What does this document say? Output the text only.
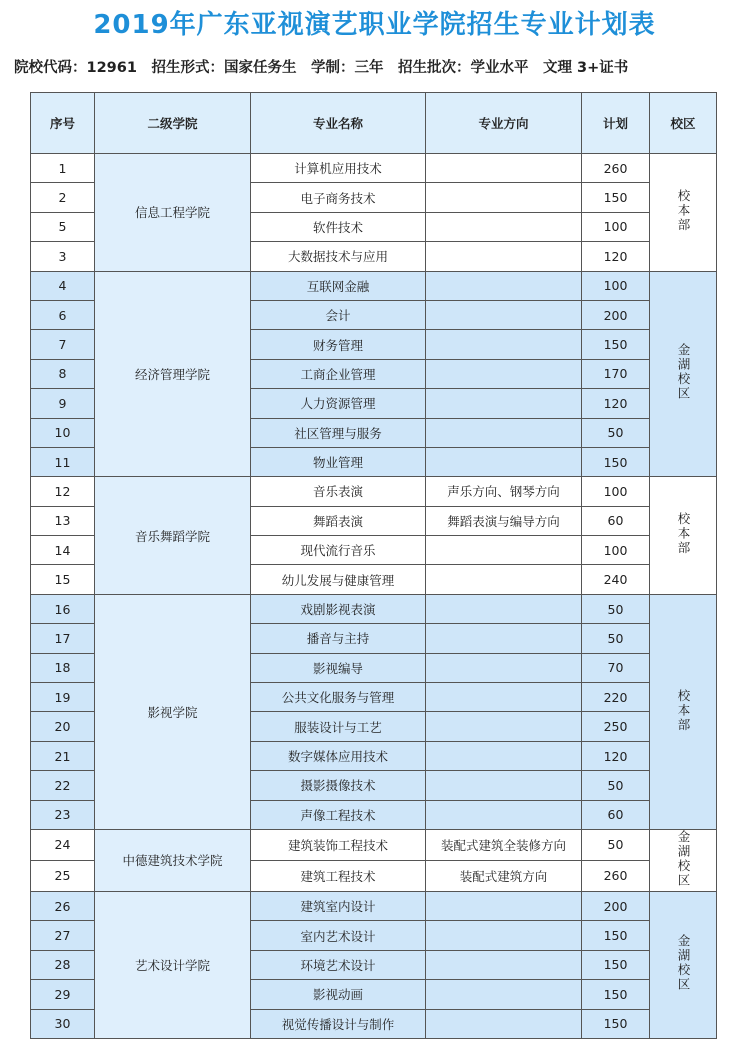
2019年广东亚视演艺职业学院招生专业计划表
院校代码：12961　招生形式：国家任务生　学制：三年　招生批次：学业水平　文理 3+证书
序号	二级学院	专业名称	专业方向	计划	校区
1	信息工程学院	计算机应用技术		260	校本部
2		电子商务技术		150	
5		软件技术		100	
3		大数据技术与应用		120	
4	经济管理学院	互联网金融		100	金湖校区
6		会计		200	
7		财务管理		150	
8		工商企业管理		170	
9		人力资源管理		120	
10		社区管理与服务		50	
11		物业管理		150	
12	音乐舞蹈学院	音乐表演	声乐方向、钢琴方向	100	校本部
13		舞蹈表演	舞蹈表演与编导方向	60	
14		现代流行音乐		100	
15		幼儿发展与健康管理		240	
16	影视学院	戏剧影视表演		50	校本部
17		播音与主持		50	
18		影视编导		70	
19		公共文化服务与管理		220	
20		服装设计与工艺		250	
21		数字媒体应用技术		120	
22		摄影摄像技术		50	
23		声像工程技术		60	
24	中德建筑技术学院	建筑装饰工程技术	装配式建筑全装修方向	50	金湖校区
25		建筑工程技术	装配式建筑方向	260	
26	艺术设计学院	建筑室内设计		200	金湖校区
27		室内艺术设计		150	
28		环境艺术设计		150	
29		影视动画		150	
30		视觉传播设计与制作		150	
